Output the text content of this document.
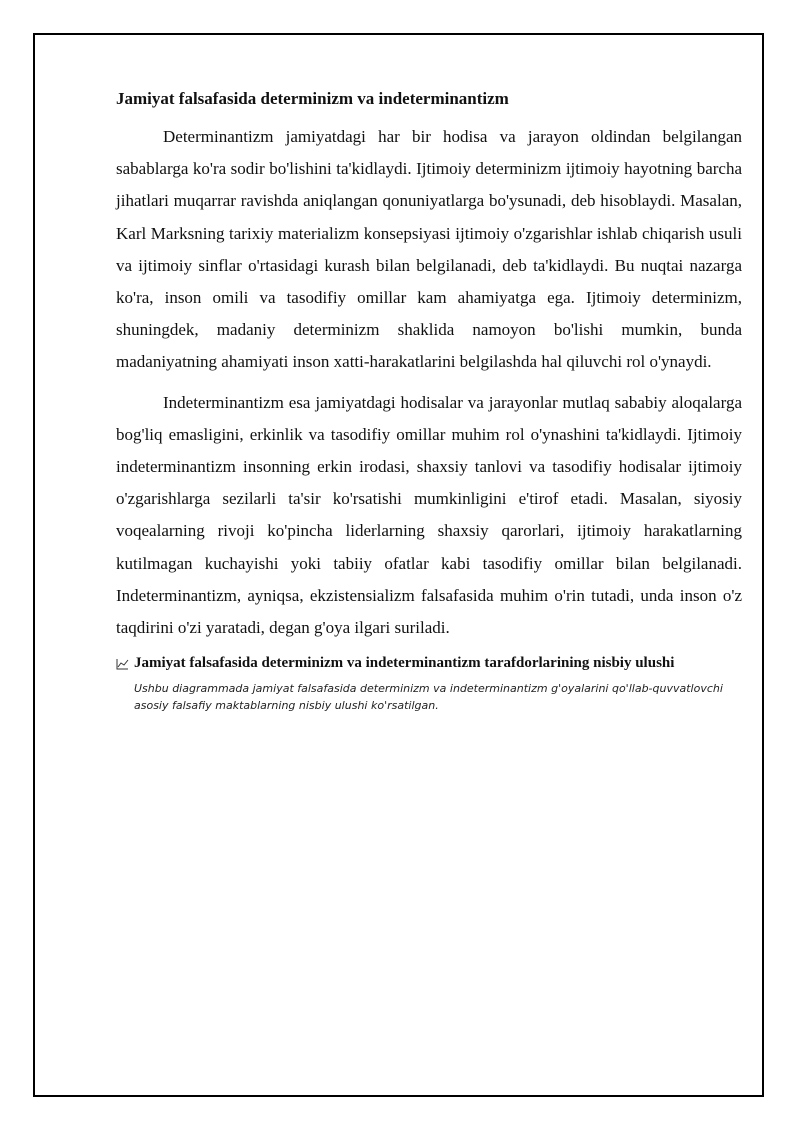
Jamiyat falsafasida determinizm va indeterminantizm

Determinantizm jamiyatdagi har bir hodisa va jarayon oldindan belgilangan sabablarga ko'ra sodir bo'lishini ta'kidlaydi. Ijtimoiy determinizm ijtimoiy hayotning barcha jihatlari muqarrar ravishda aniqlangan qonuniyatlarga bo'ysunadi, deb hisoblaydi. Masalan, Karl Marksning tarixiy materializm konsepsiyasi ijtimoiy o'zgarishlar ishlab chiqarish usuli va ijtimoiy sinflar o'rtasidagi kurash bilan belgilanadi, deb ta'kidlaydi. Bu nuqtai nazarga ko'ra, inson omili va tasodifiy omillar kam ahamiyatga ega. Ijtimoiy determinizm, shuningdek, madaniy determinizm shaklida namoyon bo'lishi mumkin, bunda madaniyatning ahamiyati inson xatti-harakatlarini belgilashda hal qiluvchi rol o'ynaydi.

Indeterminantizm esa jamiyatdagi hodisalar va jarayonlar mutlaq sababiy aloqalarga bog'liq emasligini, erkinlik va tasodifiy omillar muhim rol o'ynashini ta'kidlaydi. Ijtimoiy indeterminantizm insonning erkin irodasi, shaxsiy tanlovi va tasodifiy hodisalar ijtimoiy o'zgarishlarga sezilarli ta'sir ko'rsatishi mumkinligini e'tirof etadi. Masalan, siyosiy voqealarning rivoji ko'pincha liderlarning shaxsiy qarorlari, ijtimoiy harakatlarning kutilmagan kuchayishi yoki tabiiy ofatlar kabi tasodifiy omillar bilan belgilanadi. Indeterminantizm, ayniqsa, ekzistensializm falsafasida muhim o'rin tutadi, unda inson o'z taqdirini o'zi yaratadi, degan g'oya ilgari suriladi.

Jamiyat falsafasida determinizm va indeterminantizm tarafdorlarining nisbiy ulushi
Ushbu diagrammada jamiyat falsafasida determinizm va indeterminantizm g'oyalarini qo'llab-quvvatlovchi asosiy falsafiy maktablarning nisbiy ulushi ko'rsatilgan.
